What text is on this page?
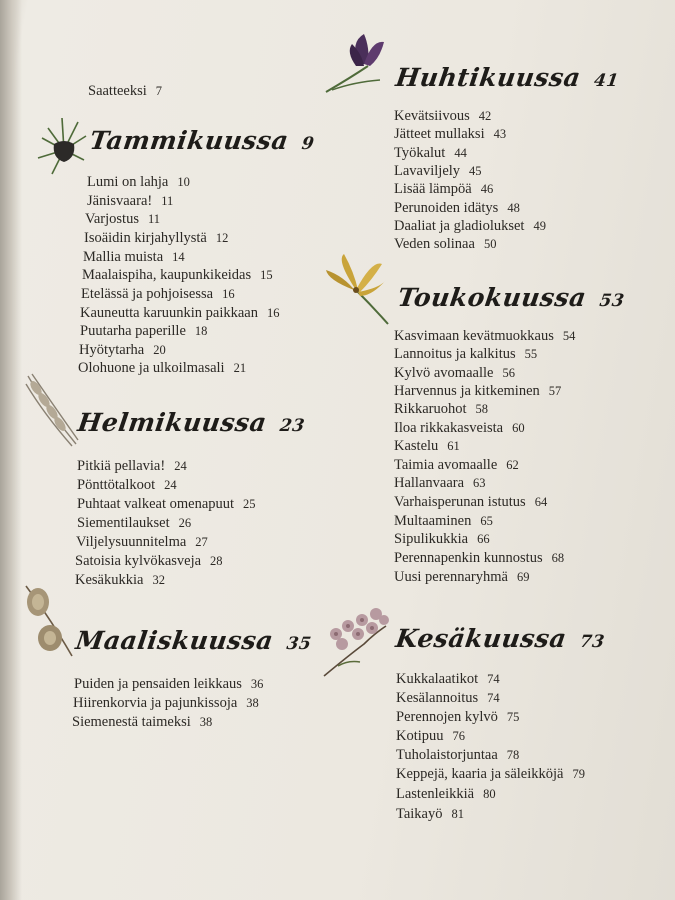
Saatteeksi 7
Tammikuussa 9
Lumi on lahja 10
Jänisvaara! 11
Varjostus 11
Isoäidin kirjahyllystä 12
Mallia muista 14
Maalaispiha, kaupunkikeidas 15
Etelässä ja pohjoisessa 16
Kauneutta karuunkin paikkaan 16
Puutarha paperille 18
Hyötytarha 20
Olohuone ja ulkoilmasali 21
Helmikuussa 23
Pitkiä pellavia! 24
Pönttötalkoot 24
Puhtaat valkeat omenapuut 25
Siementilaukset 26
Viljelysuunnitelma 27
Satoisia kylvökasveja 28
Kesäkukkia 32
Maaliskuussa 35
Puiden ja pensaiden leikkaus 36
Hiirenkorvia ja pajunkissoja 38
Siemenestä taimeksi 38
Huhtikuussa 41
Kevätsiivous 42
Jätteet mullaksi 43
Työkalut 44
Lavaviljely 45
Lisää lämpöä 46
Perunoiden idätys 48
Daaliat ja gladiolukset 49
Veden solinaa 50
Toukokuussa 53
Kasvimaan kevätmuokkaus 54
Lannoitus ja kalkitus 55
Kylvö avomaalle 56
Harvennus ja kitkeminen 57
Rikkaruohot 58
Iloa rikkakasveista 60
Kastelu 61
Taimia avomaalle 62
Hallanvaara 63
Varhaisperunan istutus 64
Multaaminen 65
Sipulikukkia 66
Perennapenkin kunnostus 68
Uusi perennaryhmä 69
Kesäkuussa 73
Kukkalaatikot 74
Kesälannoitus 74
Perennojen kylvö 75
Kotipuu 76
Tuholaistorjuntaa 78
Keppejä, kaaria ja säleikköjä 79
Lastenleikkiä 80
Taikayö 81
